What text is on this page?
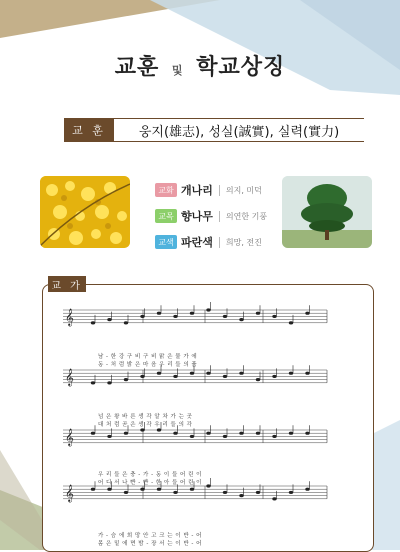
교훈 및 학교상징
교 훈	웅지(雄志), 성실(誠實), 실력(實力)
교화 개나리 의지, 미덕
교목 향나무 의연한 기풍
교색 파란색 희망, 전진
교 가
𝄞
𝄞
𝄞
𝄞
남 - 한 강 구 비 구 비 맑 은 물 가 에
동 - 처 럼 밝 은 마 음 우 리 들 의 품
넘 은 왕 바 른 생 각 알 차 가 는 곳
대 처 럼 곧 은 생 각 우 리 들 의 각
우 리 들 은 충 - 가 - 동 이 들 어 린 이
어 디 서 나 빤 - 빤 - 한 아 들 어 린 이
가 - 슴 에 희 망 안 고 크 는 이 반 - 어
몸 은 밑 에 면 밤 - 장 서 는 이 반 - 어
